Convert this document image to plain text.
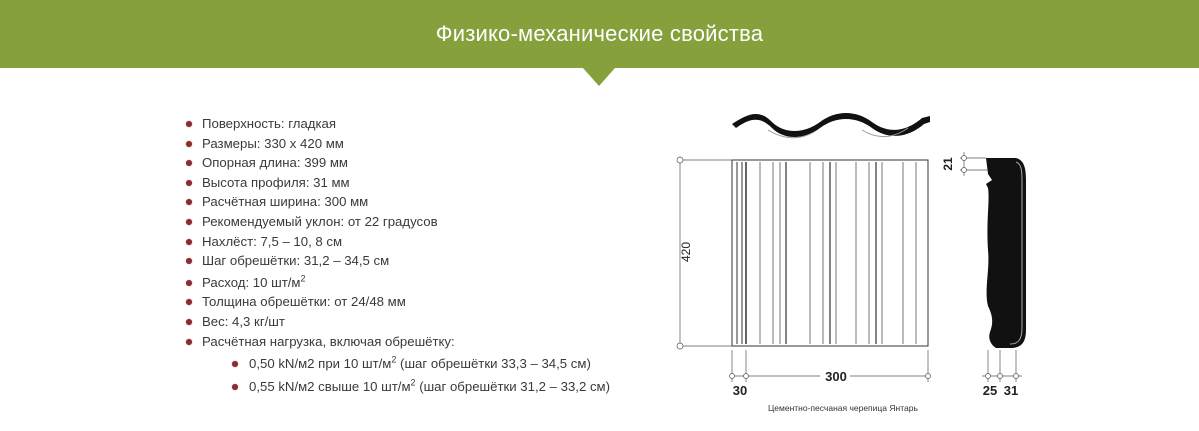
Физико-механические свойства
Поверхность: гладкая
Размеры: 330 х 420 мм
Опорная длина: 399 мм
Высота профиля: 31 мм
Расчётная ширина: 300 мм
Рекомендуемый уклон: от 22 градусов
Нахлёст: 7,5 – 10, 8 см
Шаг обрешётки: 31,2 – 34,5 см
Расход: 10 $шт/м^2$
Толщина обрешётки: от 24/48 мм
Вес: 4,3 кг/шт
Расчётная нагрузка, включая обрешётку:
0,50 kN/м2 при 10 $шт/м^2$ (шаг обрешётки 33,3 – 34,5 см)
0,55 kN/м2 свыше 10 $шт/м^2$ (шаг обрешётки 31,2 – 33,2 см)
420
300
30
21
25 31
Цементно-песчаная черепица Янтарь
